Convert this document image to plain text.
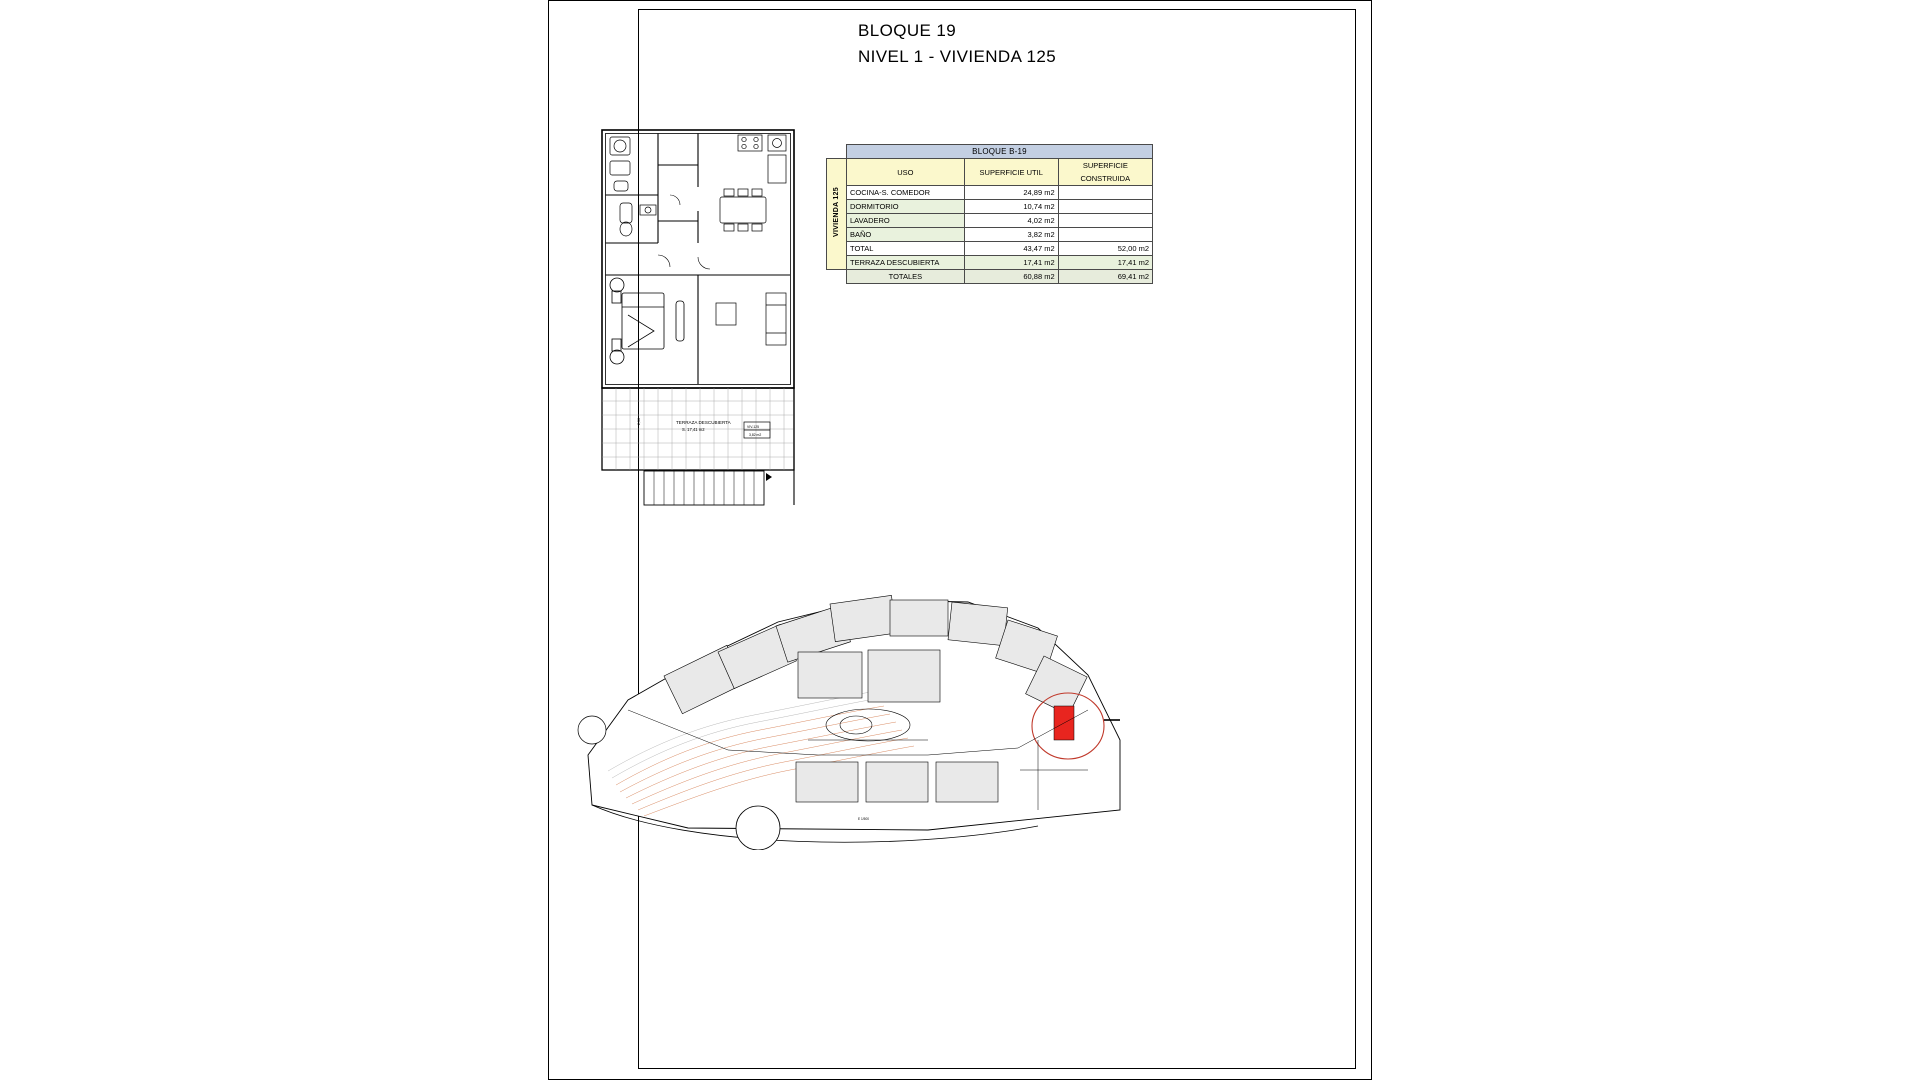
BLOQUE 19
NIVEL 1 - VIVIENDA 125
	BLOQUE B-19		
VIVIENDA 125	USO	SUPERFICIE UTIL	SUPERFICIE
CONSTRUIDA

	COCINA-S. COMEDOR	24,89 m2	
	DORMITORIO	10,74 m2	
	LAVADERO	4,02 m2	
	BAÑO	3,82 m2	
	TOTAL	43,47 m2	52,00 m2
	TERRAZA DESCUBIERTA	17,41 m2	17,41 m2
	TOTALES	60,88 m2	69,41 m2
TERRAZA DESCUBIERTA
S. 17,41 m2
2,36
VIV-125
3,82 m2
E 1/500
